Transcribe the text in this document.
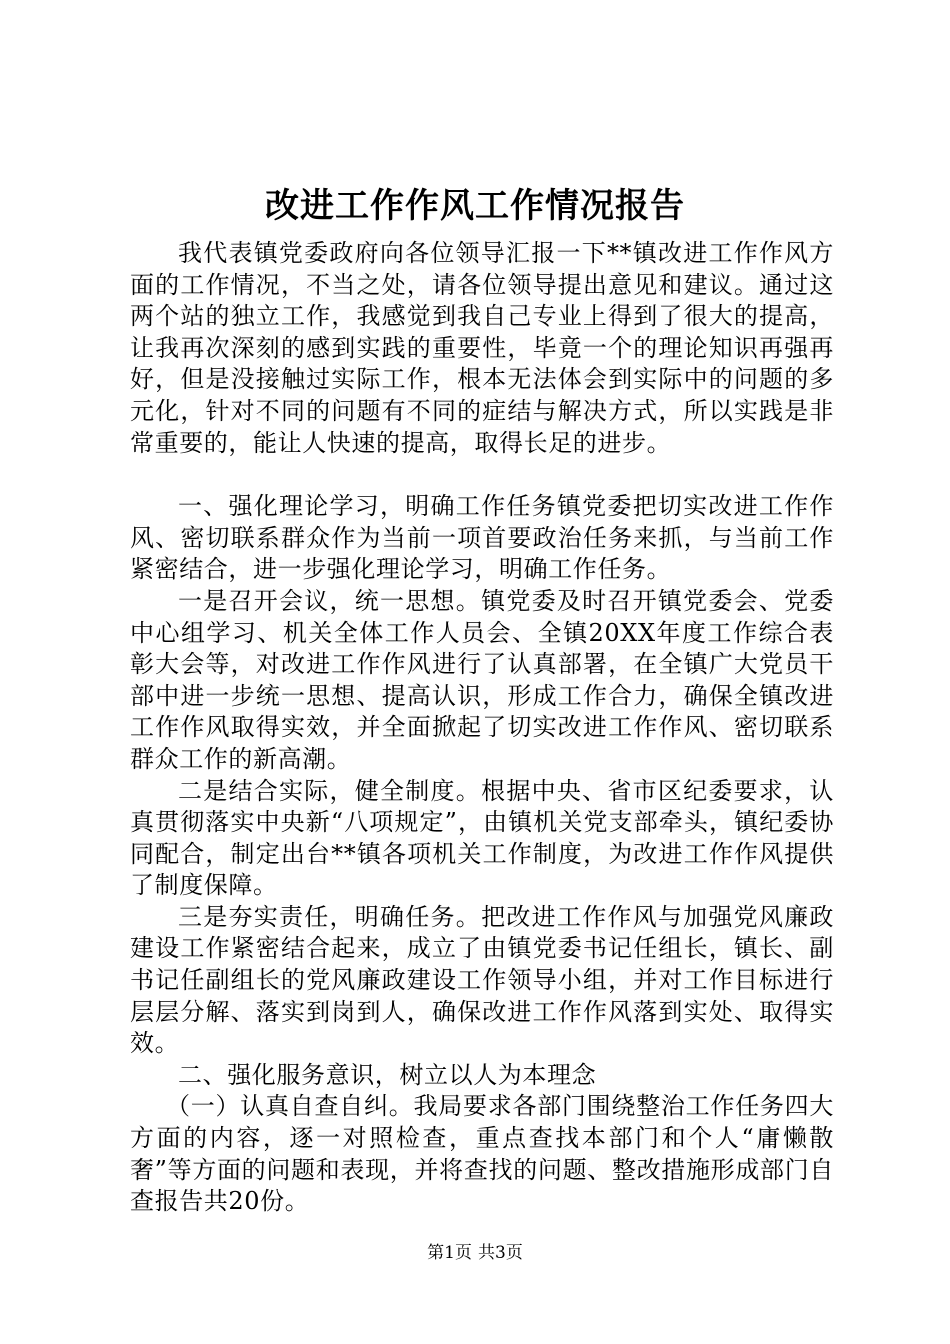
改进工作作风工作情况报告

我代表镇党委政府向各位领导汇报一下**镇改进工作作风方面的工作情况，不当之处，请各位领导提出意见和建议。通过这两个站的独立工作，我感觉到我自己专业上得到了很大的提高，让我再次深刻的感到实践的重要性，毕竟一个的理论知识再强再好，但是没接触过实际工作，根本无法体会到实际中的问题的多元化，针对不同的问题有不同的症结与解决方式，所以实践是非常重要的，能让人快速的提高，取得长足的进步。

一、强化理论学习，明确工作任务镇党委把切实改进工作作风、密切联系群众作为当前一项首要政治任务来抓，与当前工作紧密结合，进一步强化理论学习，明确工作任务。

一是召开会议，统一思想。镇党委及时召开镇党委会、党委中心组学习、机关全体工作人员会、全镇20XX年度工作综合表彰大会等，对改进工作作风进行了认真部署，在全镇广大党员干部中进一步统一思想、提高认识，形成工作合力，确保全镇改进工作作风取得实效，并全面掀起了切实改进工作作风、密切联系群众工作的新高潮。

二是结合实际，健全制度。根据中央、省市区纪委要求，认真贯彻落实中央新“八项规定”，由镇机关党支部牵头，镇纪委协同配合，制定出台**镇各项机关工作制度，为改进工作作风提供了制度保障。

三是夯实责任，明确任务。把改进工作作风与加强党风廉政建设工作紧密结合起来，成立了由镇党委书记任组长，镇长、副书记任副组长的党风廉政建设工作领导小组，并对工作目标进行层层分解、落实到岗到人，确保改进工作作风落到实处、取得实效。

二、强化服务意识，树立以人为本理念

（一）认真自查自纠。我局要求各部门围绕整治工作任务四大方面的内容，逐一对照检查，重点查找本部门和个人“庸懒散奢”等方面的问题和表现，并将查找的问题、整改措施形成部门自查报告共20份。

第1页 共3页
